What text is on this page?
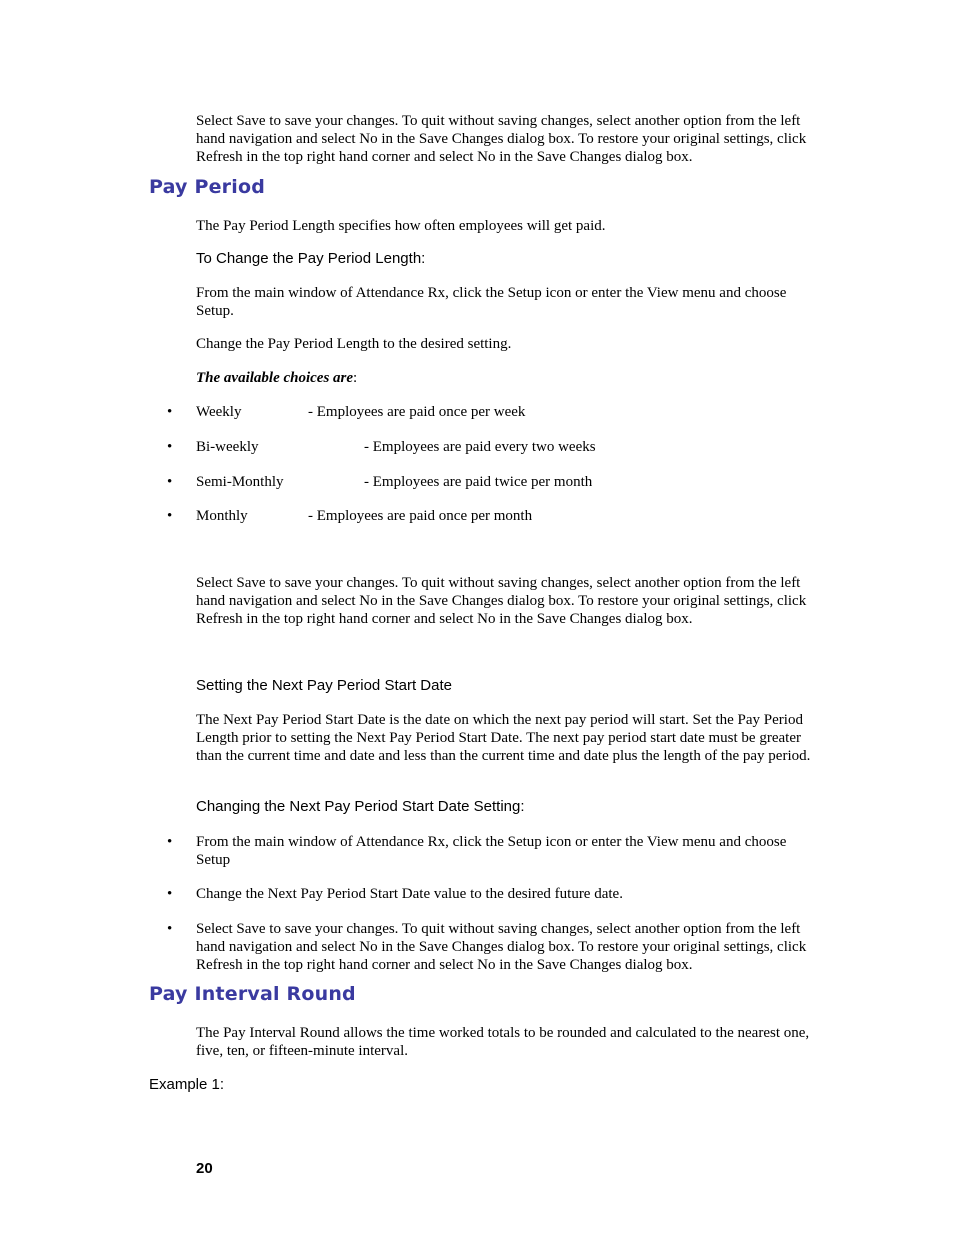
Select Save to save your changes. To quit without saving changes, select another option from the left hand navigation and select No in the Save Changes dialog box. To restore your original settings, click Refresh in the top right hand corner and select No in the Save Changes dialog box.

Pay Period

The Pay Period Length specifies how often employees will get paid.

To Change the Pay Period Length:

From the main window of Attendance Rx, click the Setup icon or enter the View menu and choose Setup.

Change the Pay Period Length to the desired setting.

The available choices are:

• Weekly	- Employees are paid once per week
• Bi-weekly	- Employees are paid every two weeks
• Semi-Monthly	- Employees are paid twice per month
• Monthly	- Employees are paid once per month

Select Save to save your changes. To quit without saving changes, select another option from the left hand navigation and select No in the Save Changes dialog box. To restore your original settings, click Refresh in the top right hand corner and select No in the Save Changes dialog box.

Setting the Next Pay Period Start Date

The Next Pay Period Start Date is the date on which the next pay period will start. Set the Pay Period Length prior to setting the Next Pay Period Start Date. The next pay period start date must be greater than the current time and date and less than the current time and date plus the length of the pay period.

Changing the Next Pay Period Start Date Setting:

• From the main window of Attendance Rx, click the Setup icon or enter the View menu and choose Setup

• Change the Next Pay Period Start Date value to the desired future date.

• Select Save to save your changes. To quit without saving changes, select another option from the left hand navigation and select No in the Save Changes dialog box. To restore your original settings, click Refresh in the top right hand corner and select No in the Save Changes dialog box.

Pay Interval Round

The Pay Interval Round allows the time worked totals to be rounded and calculated to the nearest one, five, ten, or fifteen-minute interval.

Example 1:

20
